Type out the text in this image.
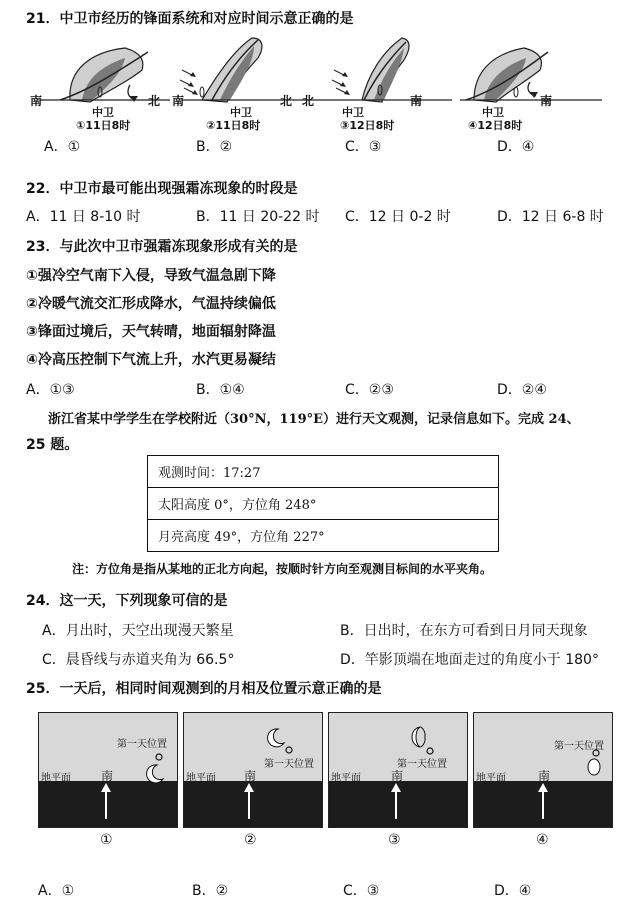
21．中卫市经历的锋面系统和对应时间示意正确的是
南	北
中卫
①11日8时
南	北
中卫
②11日8时
北	南
中卫
③12日8时
南
中卫
④12日8时
A．①	B．②	C．③	D．④
22．中卫市最可能出现强霜冻现象的时段是
A．11 日 8-10 时	B．11 日 20-22 时 C．12 日 0-2 时	D．12 日 6-8 时
23．与此次中卫市强霜冻现象形成有关的是
①强冷空气南下入侵，导致气温急剧下降
②冷暖气流交汇形成降水，气温持续偏低
③锋面过境后，天气转晴，地面辐射降温
④冷高压控制下气流上升，水汽更易凝结
A．①③	B．①④	C．②③	D．②④
浙江省某中学学生在学校附近（30°N，119°E）进行天文观测，记录信息如下。完成 24、
25 题。
观测时间：17:27
太阳高度 0°，方位角 248°
月亮高度 49°，方位角 227°
注：方位角是指从某地的正北方向起，按顺时针方向至观测目标间的水平夹角。
24．这一天，下列现象可信的是
A．月出时，天空出现漫天繁星	B．日出时，在东方可看到日月同天现象
C．晨昏线与赤道夹角为 66.5°	D．竿影顶端在地面走过的角度小于 180°
25．一天后，相同时间观测到的月相及位置示意正确的是
第一天位置
地平面	南
第一天位置
地平面 南
第一天位置
地平面	南
第一天位置
地平面	南
①	②	③	④
A．①	B．②	C．③	D．④
